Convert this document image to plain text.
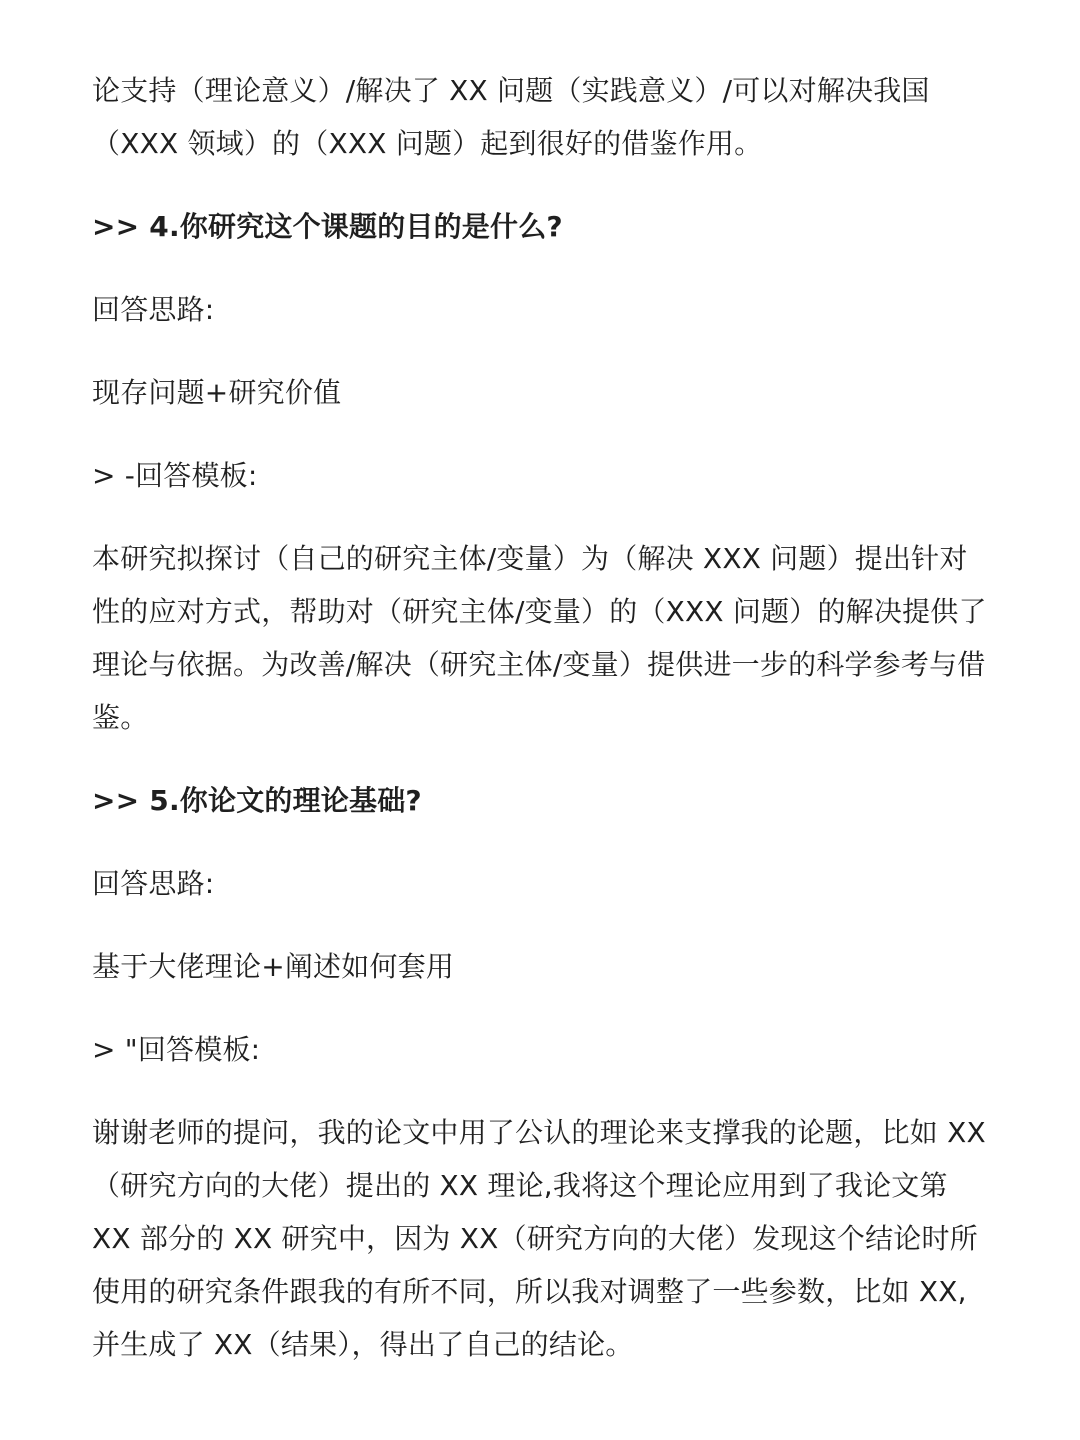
论支持（理论意义）/解决了 XX 问题（实践意义）/可以对解决我国（XXX 领域）的（XXX 问题）起到很好的借鉴作用。

>> 4.你研究这个课题的目的是什么?

回答思路:

现存问题+研究价值

> -回答模板:

本研究拟探讨（自己的研究主体/变量）为（解决 XXX 问题）提出针对性的应对方式，帮助对（研究主体/变量）的（XXX 问题）的解决提供了理论与依据。为改善/解决（研究主体/变量）提供进一步的科学参考与借鉴。

>> 5.你论文的理论基础?

回答思路:

基于大佬理论+阐述如何套用

> "回答模板:

谢谢老师的提问，我的论文中用了公认的理论来支撑我的论题，比如 XX（研究方向的大佬）提出的 XX 理论,我将这个理论应用到了我论文第 XX 部分的 XX 研究中，因为 XX（研究方向的大佬）发现这个结论时所使用的研究条件跟我的有所不同，所以我对调整了一些参数，比如 XX,并生成了 XX（结果），得出了自己的结论。
